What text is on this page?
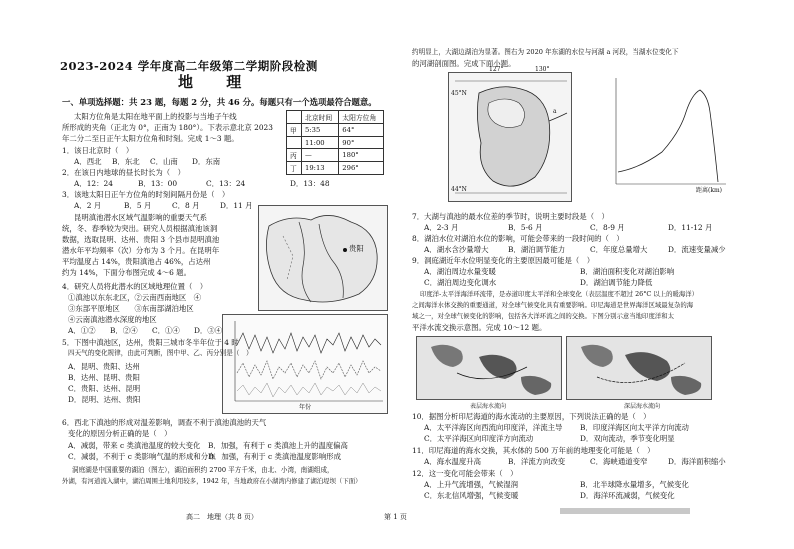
2023-2024 学年度高二年级第二学期阶段检测
地 理
一、单项选择题：共 23 题，每题 2 分，共 46 分。每题只有一个选项最符合题意。
太阳方位角是太阳在地平面上的投影与当地子午线
所形成的夹角（正北为 0°，正南为 180°）。下表示意北京 2023
年二分二至日正午太阳方位角和时刻。完成 1～3 题。
	北京时间	太阳方位角
甲	5:35	64°
	11:00	90°
丙	—	180°
丁	19:13	296°
1．该日北京时（　）
A．西北 B．东北 C．山南 D．东南
2．在该日内地球的昼长时长为（　）
A．12：24	B．13：00	C．13：24	D．13：48
3．该地太阳日正午方位角的时刻间隔月份是（　）
A．2 月	B．5 月	C．8 月	D．11 月
昆明滇池潜水区域气温影响的重要天气系
统，冬、春季较为突出。研究人员根据滇池该洞
数据，选取昆明、达州、贵阳 3 个县市昆明滇池
潜水年平均频率（次）分布为 3 个月。在昆明年
平均温度占 14%，贵阳滇池占 46%，占达州
约为 14%，下面分布图完成 4～6 题。
贵阳
4．研究人员将此潜水的区域地理位置（　）
①滇池以东东北区，②云南西南地区　④
③东部平原地区　　③东南部湖泊地区
④云南滇池潜水深度的地区
A．①② B．②④ C．①④ D．③④
年份
5．下图中滇池区，达州，贵阳三城市冬半年位于 4 时
四天气的变化规律，由此可判断，图中甲、乙、丙分别是（　）
A．昆明、贵阳、达州
B．达州、昆明、贵阳
C．贵阳、达州、昆明
D．昆明、达州、贵阳
6．西北下滇池的形成对温差影响，调查不利于滇池滇池的天气
变化的原因分析正确的是（　）
A．减弱，带来 c 类滇池温度的较大变化 B．加强，有利于 c 类滇池上升的温度偏高
C．减弱，不利于 c 类影响气温的形成和分布
D．加强，有利于 c 类滇池温度影响形成
洞庭湖是中国重要的湖泊（图左），湖泊面积约 2700 平方千米，由北、小湾，南湖组成，
外湖，有河道流入湖中，湖泊周围土地利用较多，1942 年，当地政府在小湖湾内修建了湖泊堤坝（下面）
约明显上，大湖边湖泊为显著。图右为 2020 年东湖的水位与河湖 a 河段，当湖水位变化下
的河湖剖面图。完成下面小题。
127°	130°
45°N
44°N
a
距离(km)
7．大湖与滇池的最水位差的季节时，说明主要时段是（　）
A．2-3 月	B．5-6 月	C．8-9 月	D．11-12 月
8．湖泊水位对湖泊水位的影响，可能会带来的一段时间的（　）
A．湖水含沙量增大	B．湖泊调节能力	C．年度总量增大	D．流速变量减少
9．洞庭湖近年水位明显变化的主要原因最可能是（　）
A．湖泊周边水量变暖	B．湖泊面积变化对湖泊影响
C．湖泊周边变化调水	D．湖泊调节能力降低
印度洋-太平洋海洋环流带，是赤道印度太平洋和全球变化（表层温度不超过 26°C 以上的暖海洋）
之间海洋水体交换的重要通道，对全球气候变化具有重要影响。印尼海道是世界海洋区域最复杂的海
域之一，对全球气候变化的影响，包括各大洋环流之间的交换。下图分别示意当地印度洋和太
平洋水流交换示意图。完成 10～12 题。
表层海水流向	深层海水流向
10．据图分析印尼海道的海水流动的主要原因，下列说法正确的是（　）
A．太平洋海区向西流向印度洋，洋流主导 B．印度洋海区向太平洋方向流动
C．太平洋海区向印度洋方向流动	D．双向流动，季节变化明显
11．印尼海道的海水交换，其水体的 500 万年前的地理变化可能是（　）
A．海水温度升高	B．洋流方向改变	C．海峡通道变窄	D．海洋面积缩小
12．这一变化可能会带来（　）
A．上升气流增强，气候湿润	B．北半球降水量增多，气候变化
C．东北信风增强，气候变暖	D．海洋环流减弱，气候变化
高二　地理（共 8 页）	第 1 页
